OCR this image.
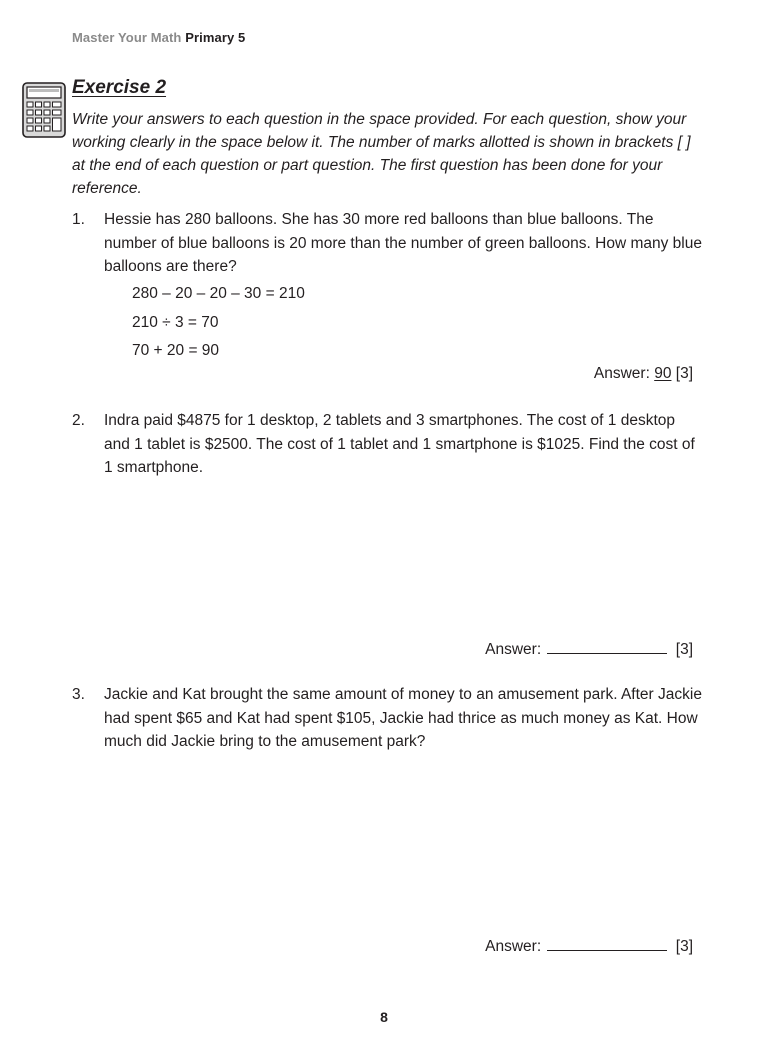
Master Your Math Primary 5
Exercise 2
Write your answers to each question in the space provided. For each question, show your working clearly in the space below it. The number of marks allotted is shown in brackets [ ] at the end of each question or part question. The first question has been done for your reference.
1. Hessie has 280 balloons. She has 30 more red balloons than blue balloons. The number of blue balloons is 20 more than the number of green balloons. How many blue balloons are there?
280 – 20 – 20 – 30 = 210
210 ÷ 3 = 70
70 + 20 = 90
Answer: 90 [3]
2. Indra paid $4875 for 1 desktop, 2 tablets and 3 smartphones. The cost of 1 desktop and 1 tablet is $2500. The cost of 1 tablet and 1 smartphone is $1025. Find the cost of 1 smartphone.
Answer:	[3]
3. Jackie and Kat brought the same amount of money to an amusement park. After Jackie had spent $65 and Kat had spent $105, Jackie had thrice as much money as Kat. How much did Jackie bring to the amusement park?
Answer:	[3]
8
